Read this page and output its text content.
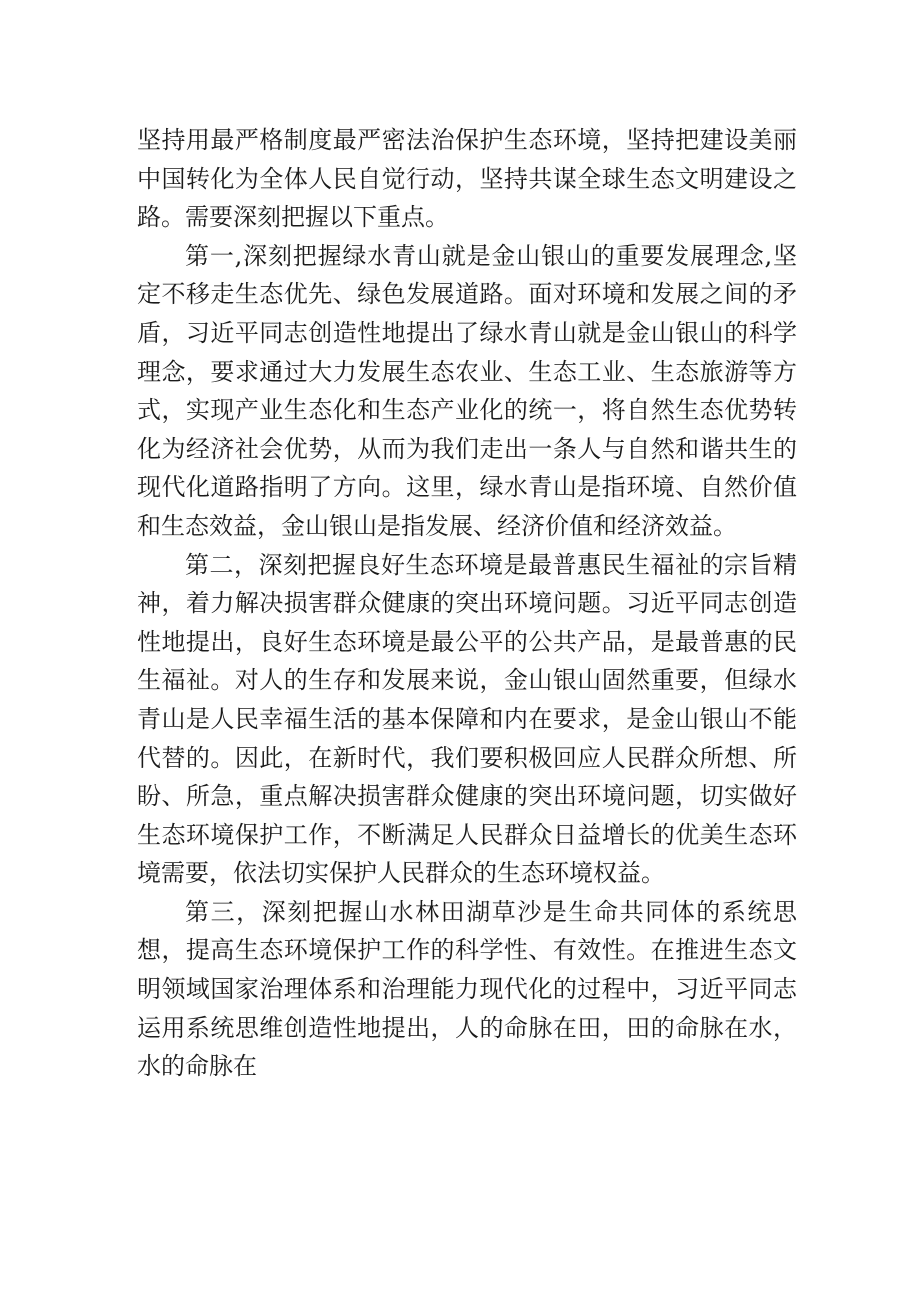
坚持用最严格制度最严密法治保护生态环境，坚持把建设美丽中国转化为全体人民自觉行动，坚持共谋全球生态文明建设之路。需要深刻把握以下重点。

第一,深刻把握绿水青山就是金山银山的重要发展理念,坚定不移走生态优先、绿色发展道路。面对环境和发展之间的矛盾，习近平同志创造性地提出了绿水青山就是金山银山的科学理念，要求通过大力发展生态农业、生态工业、生态旅游等方式，实现产业生态化和生态产业化的统一，将自然生态优势转化为经济社会优势，从而为我们走出一条人与自然和谐共生的现代化道路指明了方向。这里，绿水青山是指环境、自然价值和生态效益，金山银山是指发展、经济价值和经济效益。

第二，深刻把握良好生态环境是最普惠民生福祉的宗旨精神，着力解决损害群众健康的突出环境问题。习近平同志创造性地提出，良好生态环境是最公平的公共产品，是最普惠的民生福祉。对人的生存和发展来说，金山银山固然重要，但绿水青山是人民幸福生活的基本保障和内在要求，是金山银山不能代替的。因此，在新时代，我们要积极回应人民群众所想、所盼、所急，重点解决损害群众健康的突出环境问题，切实做好生态环境保护工作，不断满足人民群众日益增长的优美生态环境需要，依法切实保护人民群众的生态环境权益。

第三，深刻把握山水林田湖草沙是生命共同体的系统思想，提高生态环境保护工作的科学性、有效性。在推进生态文明领域国家治理体系和治理能力现代化的过程中，习近平同志运用系统思维创造性地提出，人的命脉在田，田的命脉在水，水的命脉在
